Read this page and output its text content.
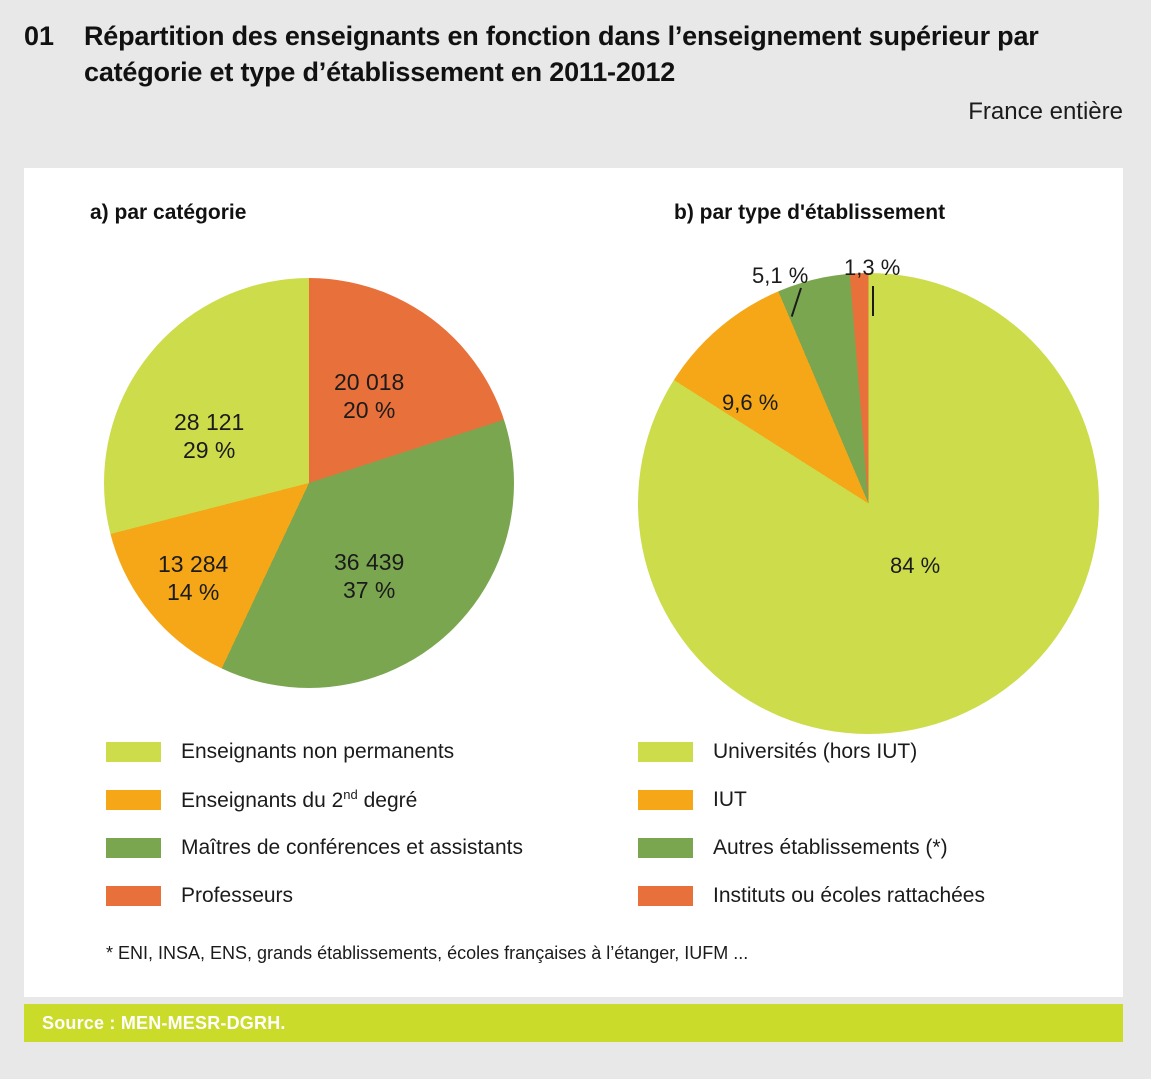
01	Répartition des enseignants en fonction dans l’enseignement supérieur par catégorie et type d’établissement en 2011-2012
France entière
a) par catégorie	b) par type d'établissement
20 018
20 %
36 439
37 %
13 284
14 %
28 121
29 %
5,1 % 1,3 %
9,6 %
84 %
Enseignants non permanents
Enseignants du 2nd degré
Maîtres de conférences et assistants
Professeurs
Universités (hors IUT)
IUT
Autres établissements (*)
Instituts ou écoles rattachées
* ENI, INSA, ENS, grands établissements, écoles françaises à l’étanger, IUFM ...
Source : MEN-MESR-DGRH.
